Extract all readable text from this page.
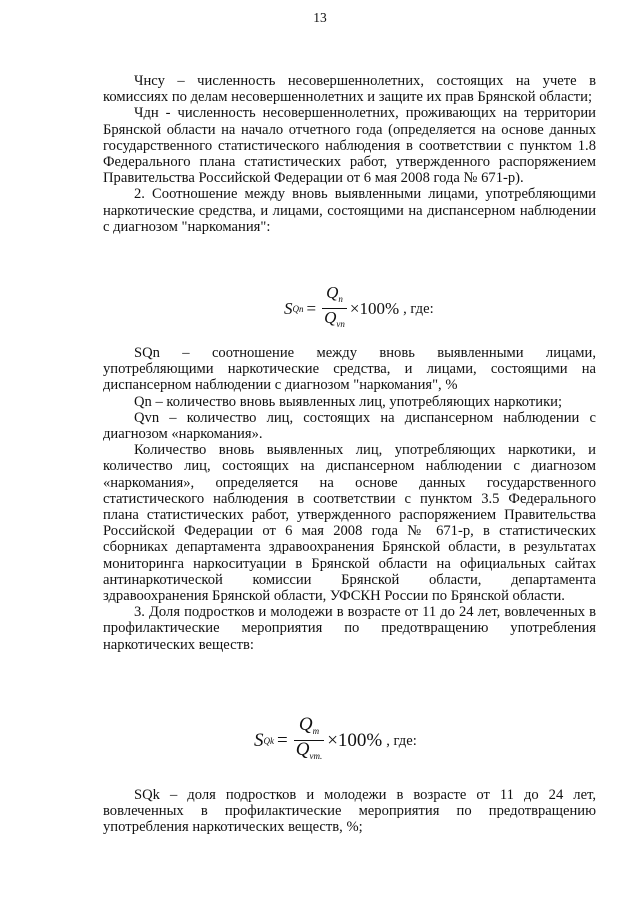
13

Чнсу – численность несовершеннолетних, состоящих на учете в комиссиях по делам несовершеннолетних и защите их прав Брянской области;

Чдн - численность несовершеннолетних, проживающих на территории Брянской области на начало отчетного года (определяется на основе данных государственного статистического наблюдения в соответствии с пунктом 1.8 Федерального плана статистических работ, утвержденного распоряжением Правительства Российской Федерации от 6 мая 2008 года № 671-р).

2. Соотношение между вновь выявленными лицами, употребляющими наркотические средства, и лицами, состоящими на диспансерном наблюдении с диагнозом "наркомания":

S $Qn = \frac{Q_n}{Q_{vn}} \times 100\%$ , где:

SQn – соотношение между вновь выявленными лицами, употребляющими наркотические средства, и лицами, состоящими на диспансерном наблюдении с диагнозом "наркомания", %

Qn – количество вновь выявленных лиц, употребляющих наркотики;

Qvn – количество лиц, состоящих на диспансерном наблюдении с диагнозом «наркомания».

Количество вновь выявленных лиц, употребляющих наркотики, и количество лиц, состоящих на диспансерном наблюдении с диагнозом «наркомания», определяется на основе данных государственного статистического наблюдения в соответствии с пунктом 3.5 Федерального плана статистических работ, утвержденного распоряжением Правительства Российской Федерации от 6 мая 2008 года № 671-р, в статистических сборниках департамента здравоохранения Брянской области, в результатах мониторинга наркоситуации в Брянской области на официальных сайтах антинаркотической комиссии Брянской области, департамента здравоохранения Брянской области, УФСКН России по Брянской области.

3. Доля подростков и молодежи в возрасте от 11 до 24 лет, вовлеченных в профилактические мероприятия по предотвращению употребления наркотических веществ:

S $Qk = \frac{Q_m}{Q_{vm.}} \times 100\%$ , где:

SQk – доля подростков и молодежи в возрасте от 11 до 24 лет, вовлеченных в профилактические мероприятия по предотвращению употребления наркотических веществ, %;
